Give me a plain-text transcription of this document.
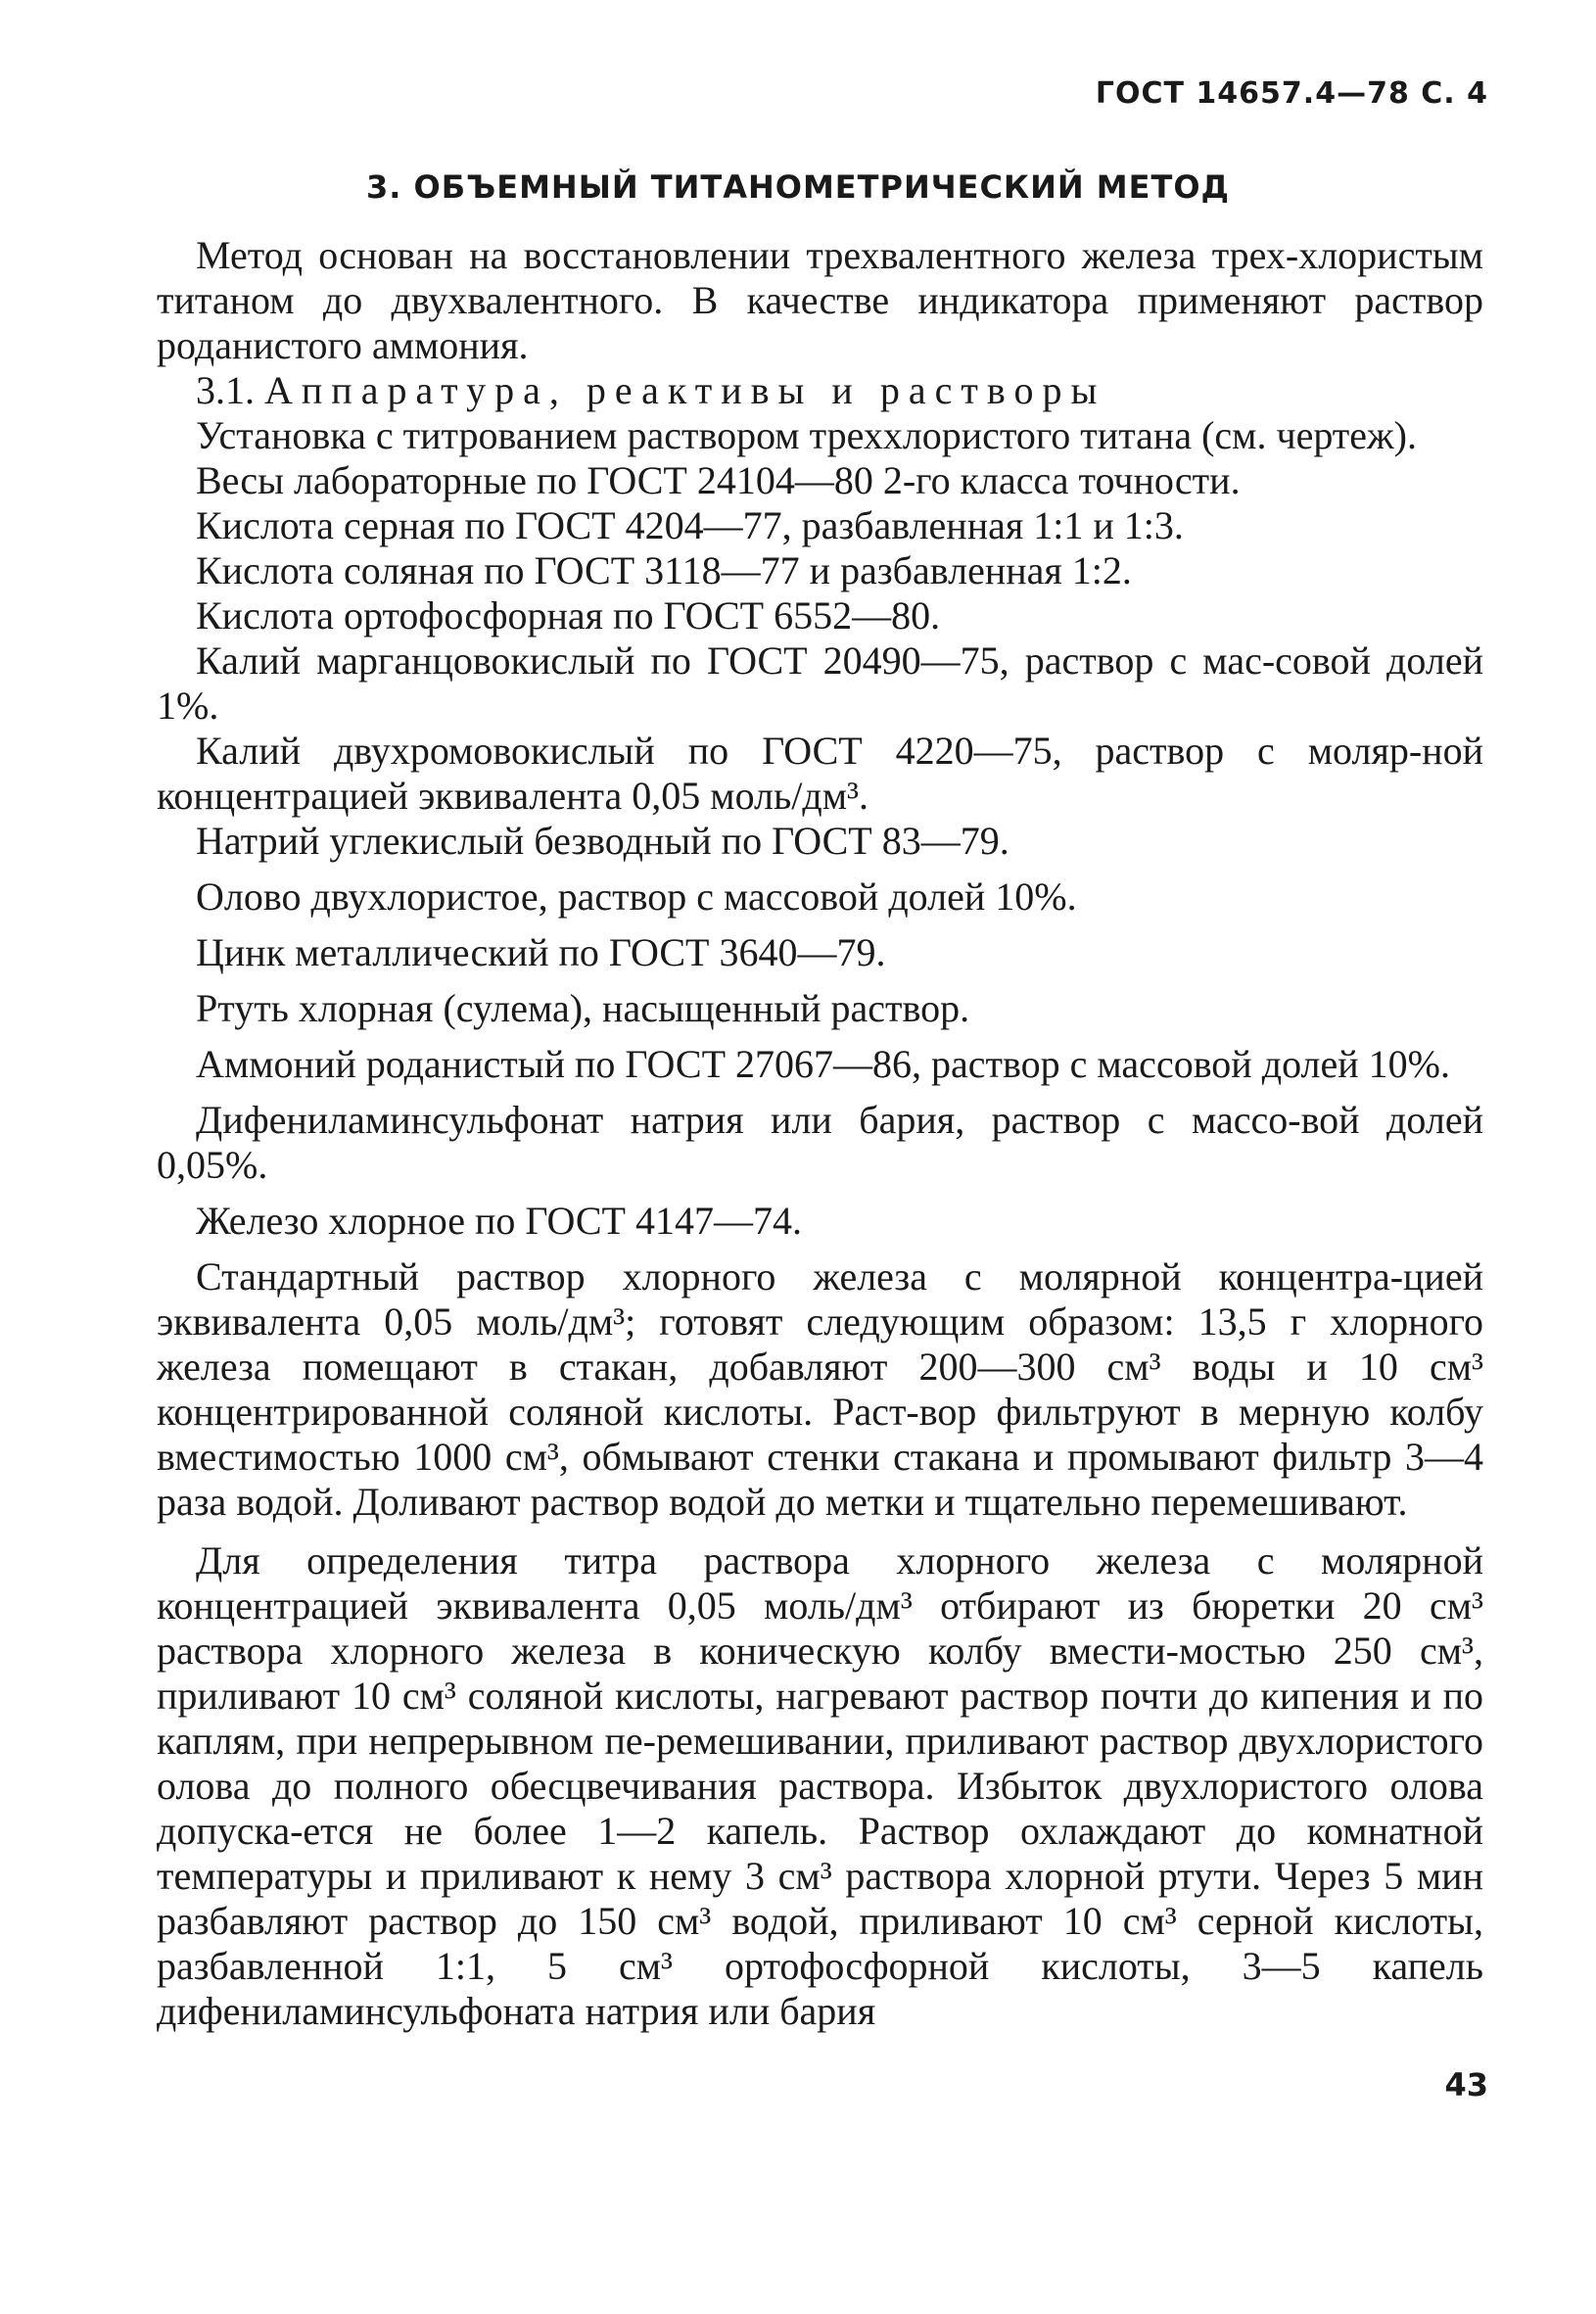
ГОСТ 14657.4—78 С. 4
3. ОБЪЕМНЫЙ ТИТАНОМЕТРИЧЕСКИЙ МЕТОД

Метод основан на восстановлении трехвалентного железа трех-хлористым титаном до двухвалентного. В качестве индикатора применяют раствор роданистого аммония.

3.1. Аппаратура, реактивы и растворы

Установка с титрованием раствором треххлористого титана (см. чертеж).

Весы лабораторные по ГОСТ 24104—80 2-го класса точности.

Кислота серная по ГОСТ 4204—77, разбавленная 1:1 и 1:3.

Кислота соляная по ГОСТ 3118—77 и разбавленная 1:2.

Кислота ортофосфорная по ГОСТ 6552—80.

Калий марганцовокислый по ГОСТ 20490—75, раствор с мас-совой долей 1%.

Калий двухромовокислый по ГОСТ 4220—75, раствор с моляр-ной концентрацией эквивалента 0,05 моль/дм³.

Натрий углекислый безводный по ГОСТ 83—79.

Олово двухлористое, раствор с массовой долей 10%.

Цинк металлический по ГОСТ 3640—79.

Ртуть хлорная (сулема), насыщенный раствор.

Аммоний роданистый по ГОСТ 27067—86, раствор с массовой долей 10%.

Дифениламинсульфонат натрия или бария, раствор с массо-вой долей 0,05%.

Железо хлорное по ГОСТ 4147—74.

Стандартный раствор хлорного железа с молярной концентра-цией эквивалента 0,05 моль/дм³; готовят следующим образом: 13,5 г хлорного железа помещают в стакан, добавляют 200—300 см³ воды и 10 см³ концентрированной соляной кислоты. Раст-вор фильтруют в мерную колбу вместимостью 1000 см³, обмывают стенки стакана и промывают фильтр 3—4 раза водой. Доливают раствор водой до метки и тщательно перемешивают.

Для определения титра раствора хлорного железа с молярной концентрацией эквивалента 0,05 моль/дм³ отбирают из бюретки 20 см³ раствора хлорного железа в коническую колбу вмести-мостью 250 см³, приливают 10 см³ соляной кислоты, нагревают раствор почти до кипения и по каплям, при непрерывном пе-ремешивании, приливают раствор двухлористого олова до полного обесцвечивания раствора. Избыток двухлористого олова допуска-ется не более 1—2 капель. Раствор охлаждают до комнатной температуры и приливают к нему 3 см³ раствора хлорной ртути. Через 5 мин разбавляют раствор до 150 см³ водой, приливают 10 см³ серной кислоты, разбавленной 1:1, 5 см³ ортофосфорной кислоты, 3—5 капель дифениламинсульфоната натрия или бария

43
